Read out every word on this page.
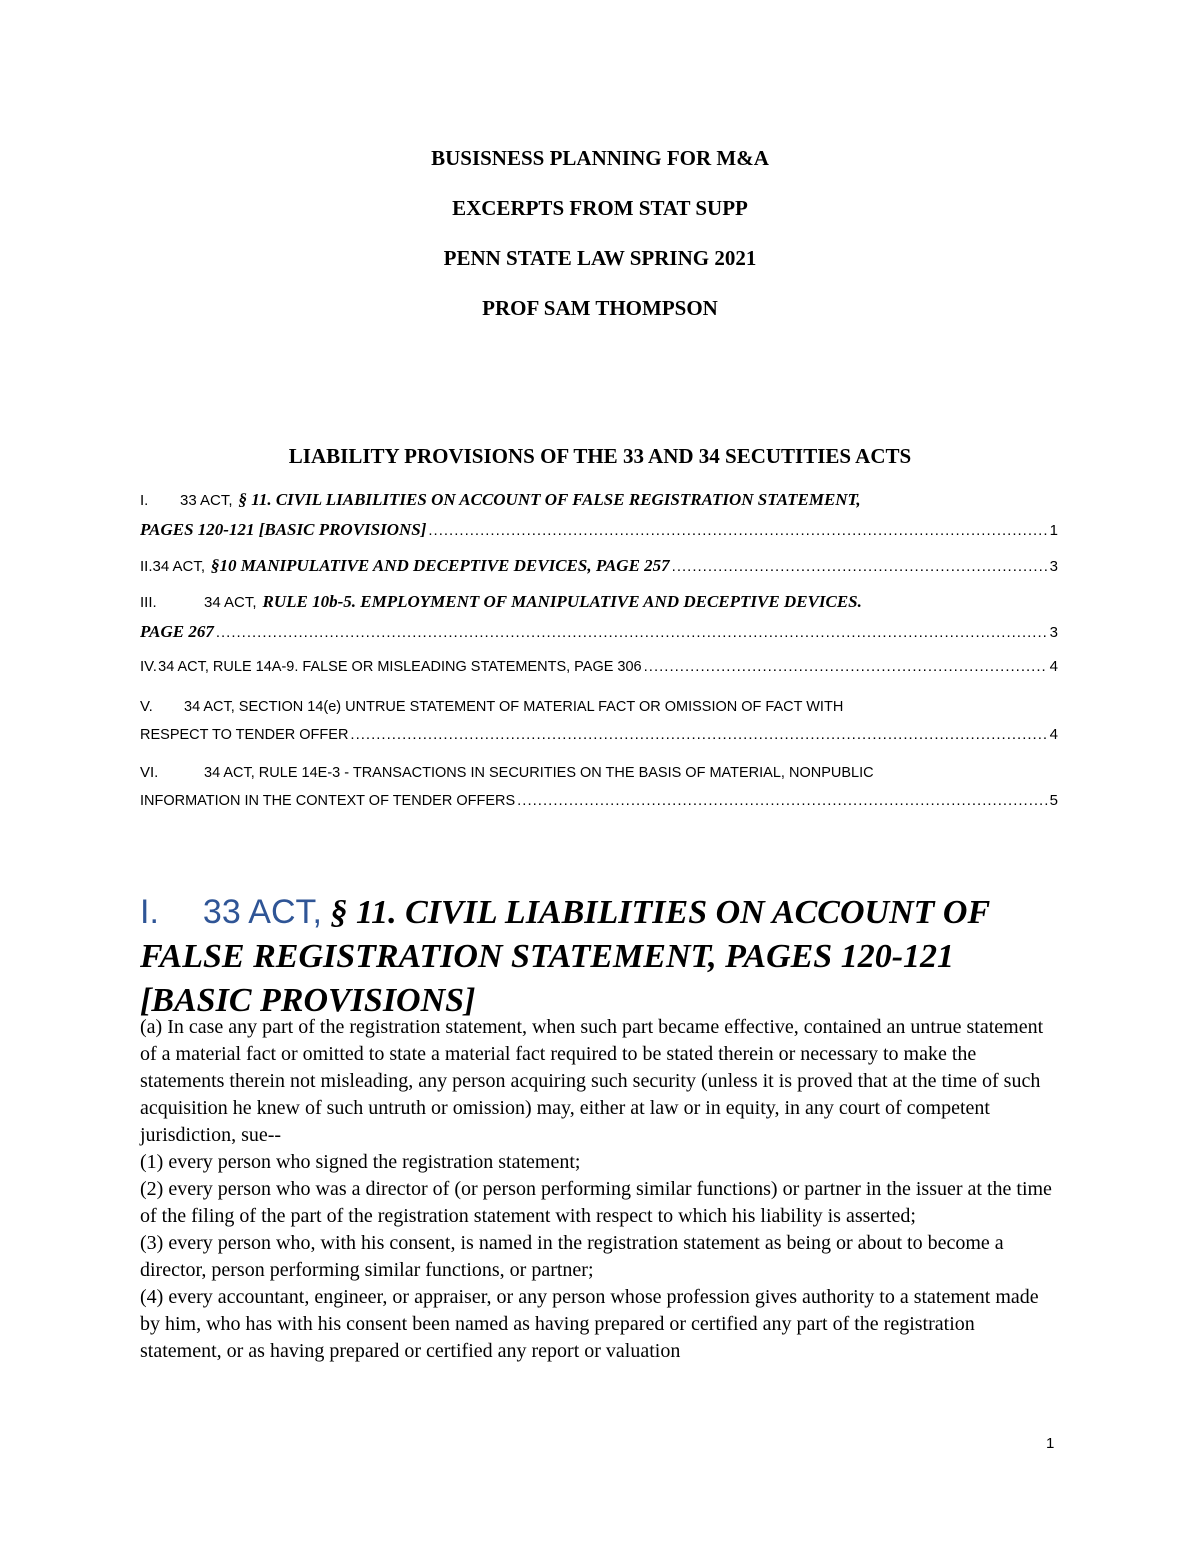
BUSISNESS PLANNING FOR M&A
EXCERPTS FROM STAT SUPP
PENN STATE LAW SPRING 2021
PROF SAM THOMPSON
LIABILITY PROVISIONS OF THE 33 AND 34 SECUTITIES ACTS
I.	33 ACT, § 11. CIVIL LIABILITIES ON ACCOUNT OF FALSE REGISTRATION STATEMENT,
PAGES 120-121 [BASIC PROVISIONS] .....	1
II. 34 ACT, §10 MANIPULATIVE AND DECEPTIVE DEVICES, PAGE 257 .....	3
III.	34 ACT, RULE 10b-5. EMPLOYMENT OF MANIPULATIVE AND DECEPTIVE DEVICES.
PAGE 267 .....	3
IV. 34 ACT, RULE 14A-9. FALSE OR MISLEADING STATEMENTS, PAGE 306 .....	4
V.	34 ACT, SECTION 14(e) UNTRUE STATEMENT OF MATERIAL FACT OR OMISSION OF FACT WITH
RESPECT TO TENDER OFFER .....	4
VI.	34 ACT, RULE 14E-3 - TRANSACTIONS IN SECURITIES ON THE BASIS OF MATERIAL, NONPUBLIC
INFORMATION IN THE CONTEXT OF TENDER OFFERS .....	5
I. 33 ACT, § 11. CIVIL LIABILITIES ON ACCOUNT OF FALSE REGISTRATION STATEMENT, PAGES 120-121 [BASIC PROVISIONS]

(a) In case any part of the registration statement, when such part became effective, contained an untrue statement of a material fact or omitted to state a material fact required to be stated therein or necessary to make the statements therein not misleading, any person acquiring such security (unless it is proved that at the time of such acquisition he knew of such untruth or omission) may, either at law or in equity, in any court of competent jurisdiction, sue--

(1) every person who signed the registration statement;

(2) every person who was a director of (or person performing similar functions) or partner in the issuer at the time of the filing of the part of the registration statement with respect to which his liability is asserted;

(3) every person who, with his consent, is named in the registration statement as being or about to become a director, person performing similar functions, or partner;

(4) every accountant, engineer, or appraiser, or any person whose profession gives authority to a statement made by him, who has with his consent been named as having prepared or certified any part of the registration statement, or as having prepared or certified any report or valuation

1
